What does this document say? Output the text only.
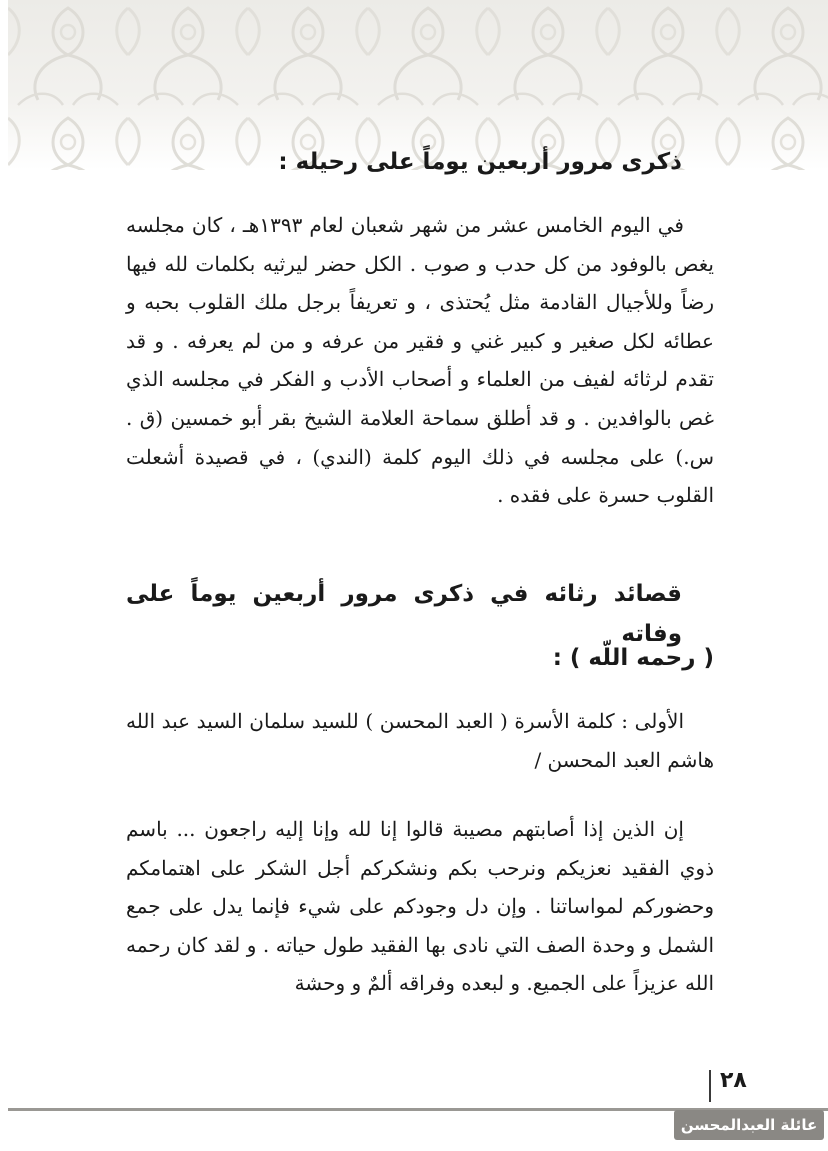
ذكرى مرور أربعين يوماً على رحيله :

في اليوم الخامس عشر من شهر شعبان لعام ١٣٩٣هـ ، كان مجلسه يغص بالوفود من كل حدب و صوب . الكل حضر ليرثيه بكلمات لله فيها رضاً وللأجيال القادمة مثل يُحتذى ، و تعريفاً برجل ملك القلوب بحبه و عطائه لكل صغير و كبير غني و فقير من عرفه و من لم يعرفه . و قد تقدم لرثائه لفيف من العلماء و أصحاب الأدب و الفكر في مجلسه الذي غص بالوافدين . و قد أطلق سماحة العلامة الشيخ بقر أبو خمسين (ق . س.) على مجلسه في ذلك اليوم كلمة (الندي) ، في قصيدة أشعلت القلوب حسرة على فقده .

قصائد رثائه في ذكرى مرور أربعين يوماً على وفاته
( رحمه اللّه ) :

الأولى : كلمة الأسرة ( العبد المحسن ) للسيد سلمان السيد عبد الله هاشم العبد المحسن /

إن الذين إذا أصابتهم مصيبة قالوا إنا لله وإنا إليه راجعون ... باسم ذوي الفقيد نعزيكم ونرحب بكم ونشكركم أجل الشكر على اهتمامكم وحضوركم لمواساتنا . وإن دل وجودكم على شيء فإنما يدل على جمع الشمل و وحدة الصف التي نادى بها الفقيد طول حياته . و لقد كان رحمه الله عزيزاً على الجميع. و لبعده وفراقه ألمٌ و وحشة

٢٨
عائلة العبدالمحسن
